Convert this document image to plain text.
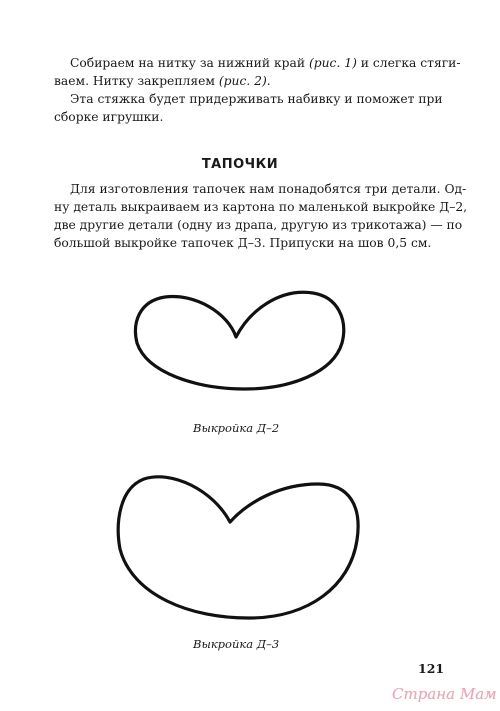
Собираем на нитку за нижний край (рис. 1) и слегка стяги-
ваем. Нитку закрепляем (рис. 2).
Эта стяжка будет придерживать набивку и поможет при
сборке игрушки.
ТАПОЧКИ
Для изготовления тапочек нам понадобятся три детали. Од-
ну деталь выкраиваем из картона по маленькой выкройке Д–2,
две другие детали (одну из драпа, другую из трикотажа) — по
большой выкройке тапочек Д–3. Припуски на шов 0,5 см.
Выкройка Д–2
Выкройка Д–3
121
Страна Мам
